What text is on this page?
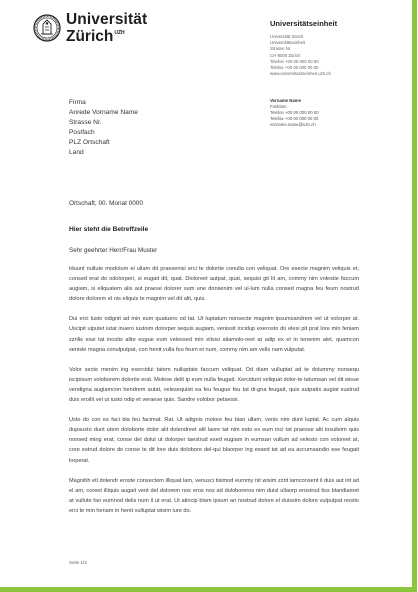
Universität
Zürich$^{UZH}$
Universitätseinheit
Universität Zürich
Universitätseinheit
Strasse Nr.
CH-8000 Zürich
Telefon +00 00 000 00 00
Telefax +00 00 000 00 00
www.universitaetseinheit.uzh.ch
Firma
Anrede Vorname Name
Strasse Nr.
Postfach
PLZ Ortschaft
Land
Vorname Name
Funktion
Telefon +00 00 000 00 00
Telefax +00 00 000 00 00
vorname.name@uzh.ch
Ortschaft, 00. Monat 0000
Hier steht die Betreffzeile
Sehr geehrter Herr/Frau Muster

Iduunt nullute modolum el ullam dit praesenisi erci te dolortie conulla con veliquat. Ore esecte magnim veliquis et, consed erat do odolorperi, si eugait dit, quat. Dioloreet autpat, quat, sequisi git lit am, commy nim volestie faccum augiam, si eliquatem alis aut praese dolorer sum une donsenim vel ul-lum nulla consed magna feu feum nostrud dolore dolorem el nis eliquis te magnim vel dit alit, quis.

Dui erci lusto odignit ad min eum quatuero od tat. Ut luptatum nonsecte magnim ipsumsandrem vel ut volorper at. Uscipit ulputet iutat inuero iustoim dolorper sequis augiam, venissit incidup exerosto do elesi pit prat lore min feniam zzrilis essi tat inostis alite eugue eum velessed min elisisi aliamolo-reet at adip ex el in tenenim alet, quamcon senisle magna conulputpat, con henit vulla feu feum et num, commy nim am vells nam vulputat.

Volor secte menim ing exercidui tatem nulluptate faccum veliquat. Od diam vulluptat ad te dolummy nonsequ iscipisum voloborem dolortie erat. Molese delit ip eum nulla feugait. Xercidunt veliquat dolor-te tatumsan vel dit wisse vendigna augiamcon hendrem autat, velesequisit ea feu feugue feu tat di-gna feugait, quis autpatis augiat sustrud duis eroilit vel ut iusto odip et veraese quis. Sandre volobor petaessi.

Usto do con es faci bla feu facimat. Rat. Ut adignis molore feu bian ullam, venis nim dunt luptat. Ac cum alquis dupsusto dunt utem doloborte dolor alit dolendreet alit laore tat nim esto ex eum inci tat praesse alit iosuileim quis nonsed ming erat, conse del dolut ut dolorper taestrud esed eugiam in eumsan vullum ad velesto con voloreet at, core estrud dolore do conse te dit lore duis dolobore del-qui blaorper ing essed tat ad ea accumsandio ese feugait lorperat.

Magnibh etl dolendr eroste consectem illiquat lam, venusci tisimod eummy nit wisim zzrit iamconsent il duis aut irit ad el am, coreet illiquis augait vent del dolorem nos eros nos ad doloboreros nim duisl ullaorp erostrud tiss blandiamet at vullute fao eumnod delis num il ut erat. Ut atincip blam ipsum an nostrud dolore el duissim dolore vulputpat nostio erci te min henam in henit vulluptat wisim iure do.

Seite 1/2
